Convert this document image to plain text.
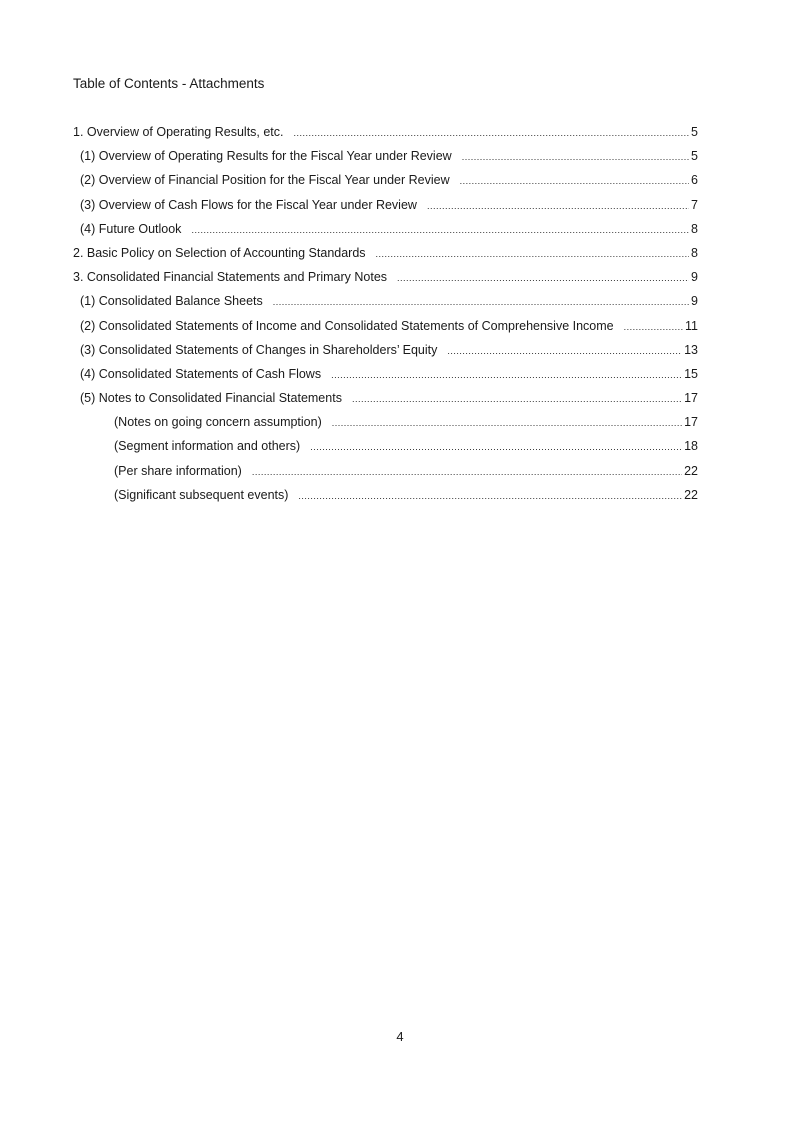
Table of Contents - Attachments
1. Overview of Operating Results, etc. .....	5
(1) Overview of Operating Results for the Fiscal Year under Review .....	5
(2) Overview of Financial Position for the Fiscal Year under Review .....	6
(3) Overview of Cash Flows for the Fiscal Year under Review .....	7
(4) Future Outlook .....	8
2. Basic Policy on Selection of Accounting Standards .....	8
3. Consolidated Financial Statements and Primary Notes .....	9
(1) Consolidated Balance Sheets .....	9
(2) Consolidated Statements of Income and Consolidated Statements of Comprehensive Income .....	11
(3) Consolidated Statements of Changes in Shareholders’ Equity .....	13
(4) Consolidated Statements of Cash Flows .....	15
(5) Notes to Consolidated Financial Statements .....	17
(Notes on going concern assumption) .....	17
(Segment information and others) .....	18
(Per share information) .....	22
(Significant subsequent events) .....	22
4
